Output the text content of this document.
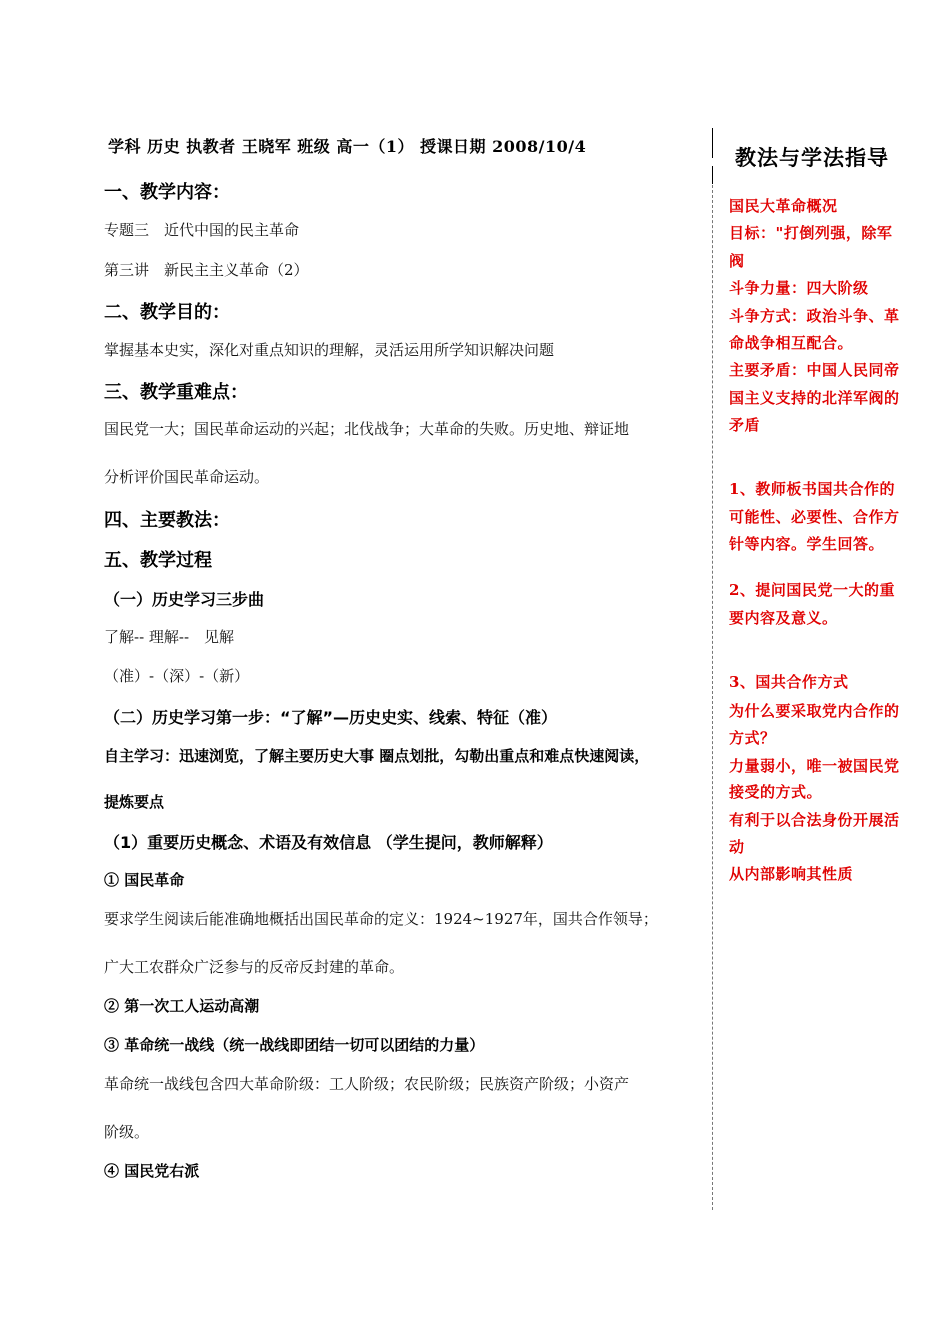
学科 历史 执教者 王晓军 班级 高一（1） 授课日期 2008/10/4
一、教学内容：
专题三　近代中国的民主革命
第三讲　新民主主义革命（2）
二、教学目的：
掌握基本史实，深化对重点知识的理解，灵活运用所学知识解决问题
三、教学重难点：
国民党一大；国民革命运动的兴起；北伐战争；大革命的失败。历史地、辩证地
分析评价国民革命运动。
四、主要教法：
五、教学过程
（一）历史学习三步曲
了解-- 理解--　见解
（准）-（深）-（新）
（二）历史学习第一步：“了解”—历史史实、线索、特征（准）
自主学习：迅速浏览，了解主要历史大事 圈点划批，勾勒出重点和难点快速阅读，
提炼要点
（1）重要历史概念、术语及有效信息 （学生提问，教师解释）
① 国民革命
要求学生阅读后能准确地概括出国民革命的定义：1924~1927年，国共合作领导；
广大工农群众广泛参与的反帝反封建的革命。
② 第一次工人运动高潮
③ 革命统一战线（统一战线即团结一切可以团结的力量）
革命统一战线包含四大革命阶级：工人阶级；农民阶级；民族资产阶级；小资产
阶级。
④ 国民党右派
教法与学法指导
国民大革命概况
目标："打倒列强，除军
阀
斗争力量：四大阶级
斗争方式：政治斗争、革
命战争相互配合。
主要矛盾：中国人民同帝
国主义支持的北洋军阀的
矛盾
1、教师板书国共合作的
可能性、必要性、合作方
针等内容。学生回答。
2、提问国民党一大的重
要内容及意义。
3、国共合作方式
为什么要采取党内合作的
方式？
力量弱小，唯一被国民党
接受的方式。
有利于以合法身份开展活
动
从内部影响其性质
